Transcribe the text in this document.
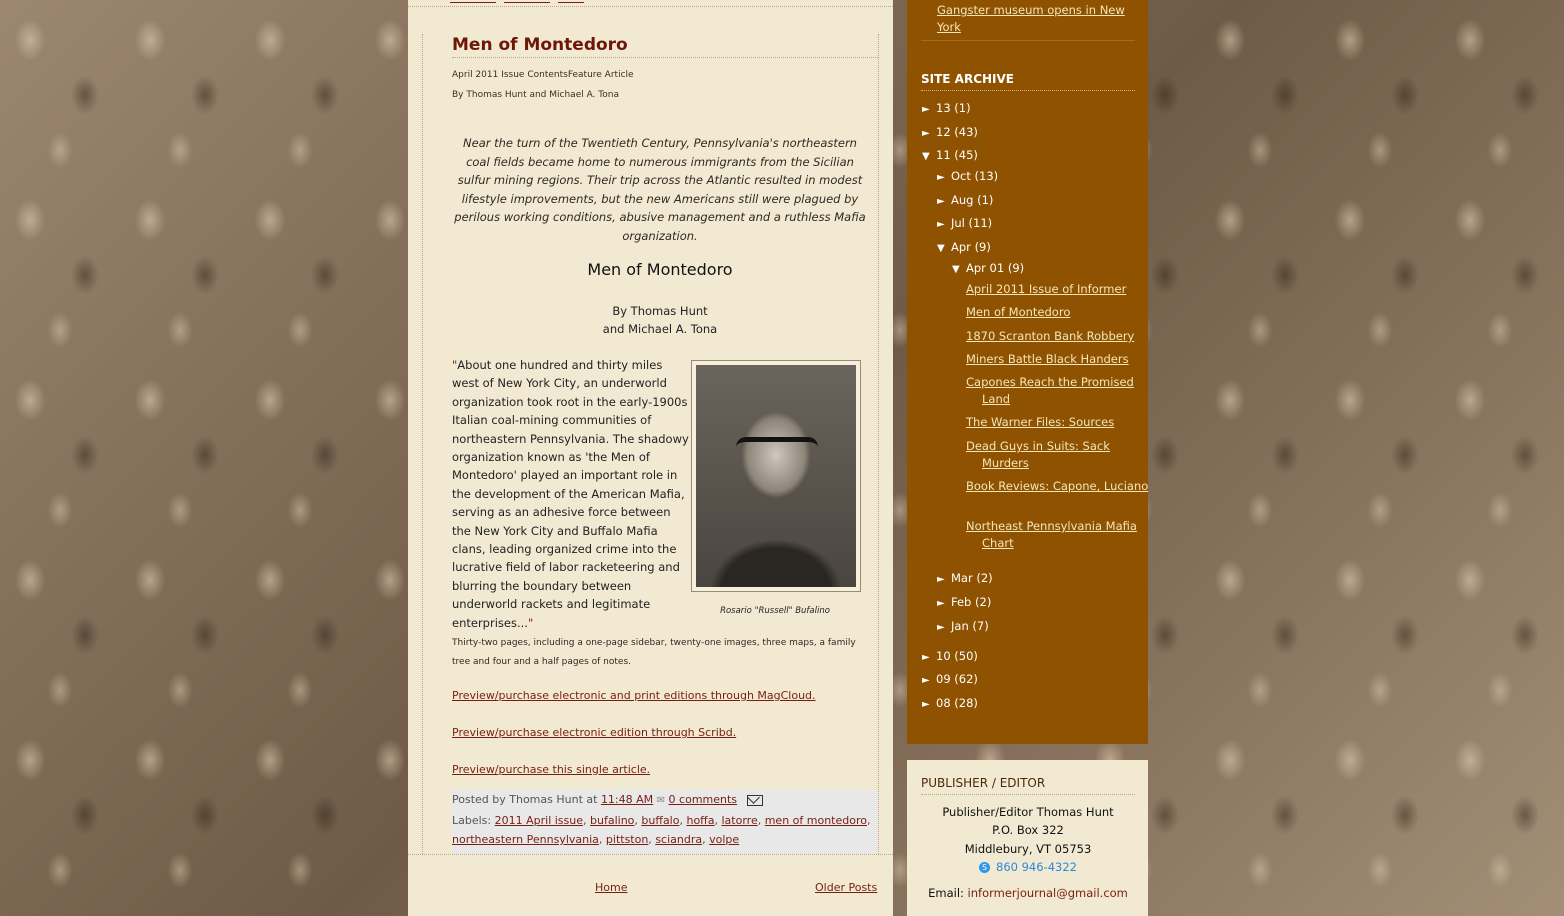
Men of Montedoro
April 2011 Issue ContentsFeature Article
By Thomas Hunt and Michael A. Tona
Near the turn of the Twentieth Century, Pennsylvania's northeastern coal fields became home to numerous immigrants from the Sicilian sulfur mining regions. Their trip across the Atlantic resulted in modest lifestyle improvements, but the new Americans still were plagued by perilous working conditions, abusive management and a ruthless Mafia organization.
Men of Montedoro
By Thomas Hunt
and Michael A. Tona
"About one hundred and thirty miles west of New York City, an underworld organization took root in the early-1900s Italian coal-mining communities of northeastern Pennsylvania. The shadowy organization known as 'the Men of Montedoro' played an important role in the development of the American Mafia, serving as an adhesive force between the New York City and Buffalo Mafia clans, leading organized crime into the lucrative field of labor racketeering and blurring the boundary between underworld rackets and legitimate enterprises..."
Rosario "Russell" Bufalino
Thirty-two pages, including a one-page sidebar, twenty-one images, three maps, a family tree and four and a half pages of notes.
Preview/purchase electronic and print editions through MagCloud.
Preview/purchase electronic edition through Scribd.
Preview/purchase this single article.
Posted by Thomas Hunt at 11:48 AM ✉ 0 comments
Labels: 2011 April issue, bufalino, buffalo, hoffa, latorre, men of montedoro, northeastern Pennsylvania, pittston, sciandra, volpe
Home	Older Posts
Gangster museum opens in New York
SITE ARCHIVE
► 13 (1)
► 12 (43)
▼ 11 (45)
► Oct (13)
► Aug (1)
► Jul (11)
▼ Apr (9)
▼ Apr 01 (9)
April 2011 Issue of Informer
Men of Montedoro
1870 Scranton Bank Robbery
Miners Battle Black Handers
Capones Reach the Promised Land
The Warner Files: Sources
Dead Guys in Suits: Sack Murders
Book Reviews: Capone, Luciano
Northeast Pennsylvania Mafia Chart
► Mar (2)
► Feb (2)
► Jan (7)
► 10 (50)
► 09 (62)
► 08 (28)
PUBLISHER / EDITOR
Publisher/Editor Thomas Hunt
P.O. Box 322
Middlebury, VT 05753
S 860 946-4322
Email: informerjournal@gmail.com
